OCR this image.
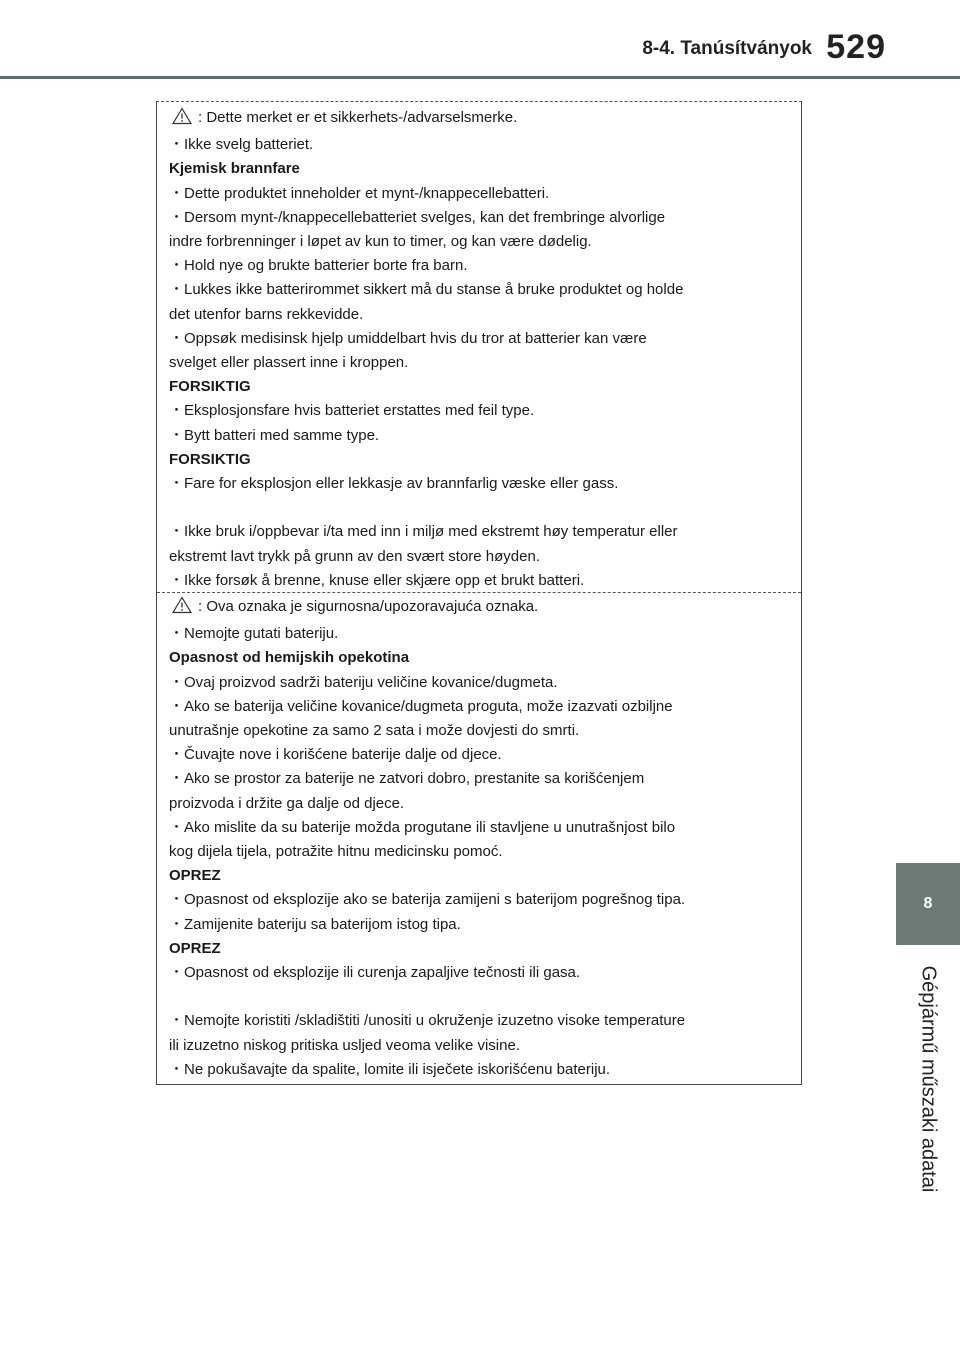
8-4. Tanúsítványok 529
8
Gépjármű műszaki adatai
: Dette merket er et sikkerhets-/advarselsmerke.
・Ikke svelg batteriet.
Kjemisk brannfare
・Dette produktet inneholder et mynt-/knappecellebatteri.
・Dersom mynt-/knappecellebatteriet svelges, kan det frembringe alvorlige
indre forbrenninger i løpet av kun to timer, og kan være dødelig.
・Hold nye og brukte batterier borte fra barn.
・Lukkes ikke batterirommet sikkert må du stanse å bruke produktet og holde
det utenfor barns rekkevidde.
・Oppsøk medisinsk hjelp umiddelbart hvis du tror at batterier kan være
svelget eller plassert inne i kroppen.
FORSIKTIG
・Eksplosjonsfare hvis batteriet erstattes med feil type.
・Bytt batteri med samme type.
FORSIKTIG
・Fare for eksplosjon eller lekkasje av brannfarlig væske eller gass.
・Ikke bruk i/oppbevar i/ta med inn i miljø med ekstremt høy temperatur eller
ekstremt lavt trykk på grunn av den svært store høyden.
・Ikke forsøk å brenne, knuse eller skjære opp et brukt batteri.
: Ova oznaka je sigurnosna/upozoravajuća oznaka.
・Nemojte gutati bateriju.
Opasnost od hemijskih opekotina
・Ovaj proizvod sadrži bateriju veličine kovanice/dugmeta.
・Ako se baterija veličine kovanice/dugmeta proguta, može izazvati ozbiljne
unutrašnje opekotine za samo 2 sata i može dovjesti do smrti.
・Čuvajte nove i korišćene baterije dalje od djece.
・Ako se prostor za baterije ne zatvori dobro, prestanite sa korišćenjem
proizvoda i držite ga dalje od djece.
・Ako mislite da su baterije možda progutane ili stavljene u unutrašnjost bilo
kog dijela tijela, potražite hitnu medicinsku pomoć.
OPREZ
・Opasnost od eksplozije ako se baterija zamijeni s baterijom pogrešnog tipa.
・Zamijenite bateriju sa baterijom istog tipa.
OPREZ
・Opasnost od eksplozije ili curenja zapaljive tečnosti ili gasa.
・Nemojte koristiti /skladištiti /unositi u okruženje izuzetno visoke temperature
ili izuzetno niskog pritiska usljed veoma velike visine.
・Ne pokušavajte da spalite, lomite ili isječete iskorišćenu bateriju.
